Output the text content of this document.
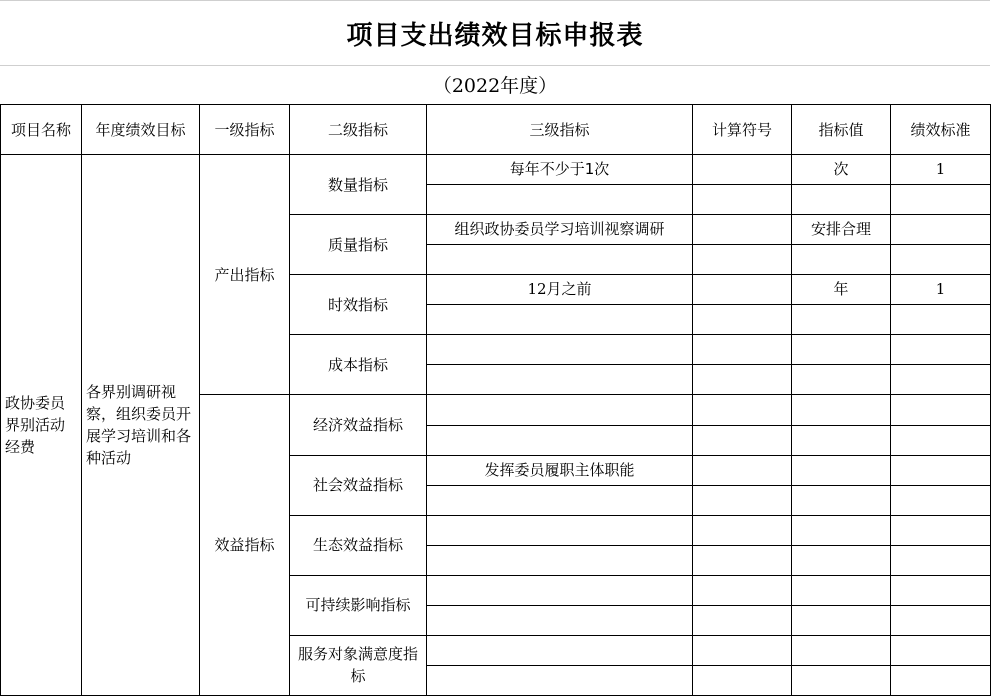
项目支出绩效目标申报表
（2022年度）
项目名称	年度绩效目标	一级指标	二级指标	三级指标	计算符号	指标值	绩效标准
政协委员界别活动经费	各界别调研视察，组织委员开展学习培训和各种活动	产出指标	数量指标	每年不少于1次		次	1

			质量指标	组织政协委员学习培训视察调研		安排合理	

			时效指标	12月之前		年	1

			成本指标				

		效益指标	经济效益指标				

			社会效益指标	发挥委员履职主体职能			

			生态效益指标				

			可持续影响指标				

			服务对象满意度指标				
